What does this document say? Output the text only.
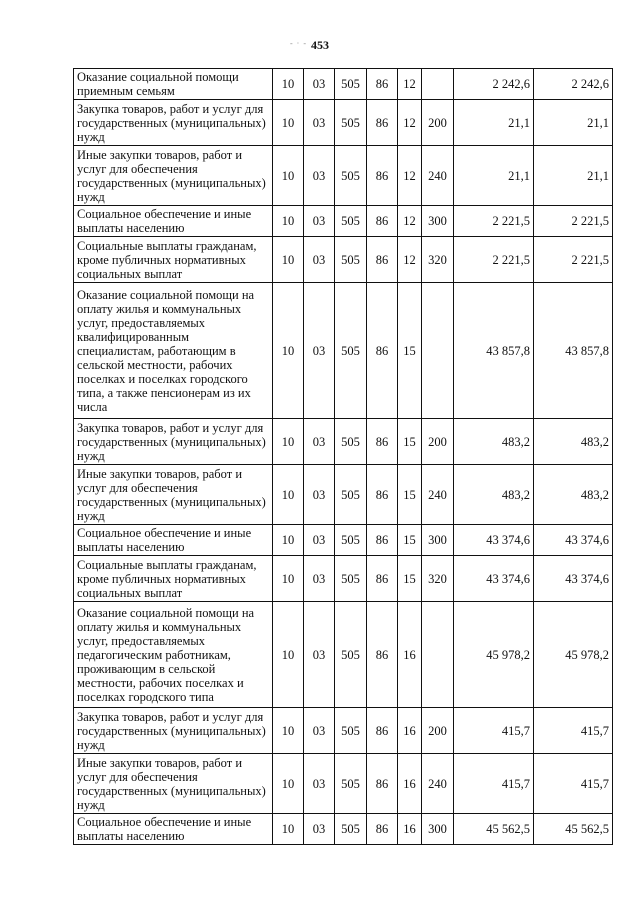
- · - 453
Оказание социальной помощи приемным семьям	10	03	505	86	12		2 242,6	2 242,6
Закупка товаров, работ и услуг для государственных (муниципальных) нужд	10	03	505	86	12	200	21,1	21,1
Иные закупки товаров, работ и услуг для обеспечения государственных (муниципальных) нужд	10	03	505	86	12	240	21,1	21,1
Социальное обеспечение и иные выплаты населению	10	03	505	86	12	300	2 221,5	2 221,5
Социальные выплаты гражданам, кроме публичных нормативных социальных выплат	10	03	505	86	12	320	2 221,5	2 221,5
Оказание социальной помощи на оплату жилья и коммунальных услуг, предоставляемых квалифицированным специалистам, работающим в сельской местности, рабочих поселках и поселках городского типа, а также пенсионерам из их числа	10	03	505	86	15		43 857,8	43 857,8
Закупка товаров, работ и услуг для государственных (муниципальных) нужд	10	03	505	86	15	200	483,2	483,2
Иные закупки товаров, работ и услуг для обеспечения государственных (муниципальных) нужд	10	03	505	86	15	240	483,2	483,2
Социальное обеспечение и иные выплаты населению	10	03	505	86	15	300	43 374,6	43 374,6
Социальные выплаты гражданам, кроме публичных нормативных социальных выплат	10	03	505	86	15	320	43 374,6	43 374,6
Оказание социальной помощи на оплату жилья и коммунальных услуг, предоставляемых педагогическим работникам, проживающим в сельской местности, рабочих поселках и поселках городского типа	10	03	505	86	16		45 978,2	45 978,2
Закупка товаров, работ и услуг для государственных (муниципальных) нужд	10	03	505	86	16	200	415,7	415,7
Иные закупки товаров, работ и услуг для обеспечения государственных (муниципальных) нужд	10	03	505	86	16	240	415,7	415,7
Социальное обеспечение и иные выплаты населению	10	03	505	86	16	300	45 562,5	45 562,5
